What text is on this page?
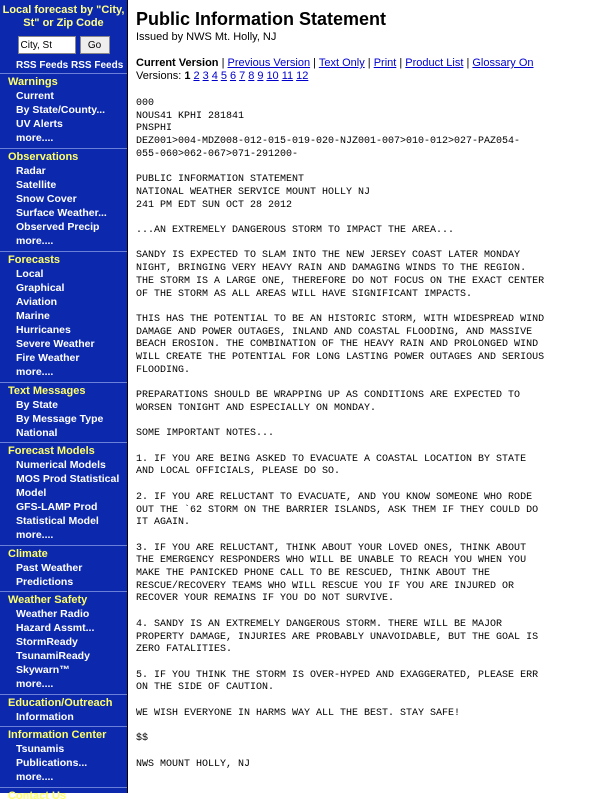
Local forecast by "City, St" or Zip Code
City, St
Go
RSS Feeds RSS Feeds
Warnings
Current
By State/County...
UV Alerts
more....
Observations
Radar
Satellite
Snow Cover
Surface Weather...
Observed Precip
more....
Forecasts
Local
Graphical
Aviation
Marine
Hurricanes
Severe Weather
Fire Weather
more....
Text Messages
By State
By Message Type
National
Forecast Models
Numerical Models
MOS Prod Statistical Model
GFS-LAMP Prod Statistical Model
more....
Climate
Past Weather
Predictions
Weather Safety
Weather Radio
Hazard Assmt...
StormReady
TsunamiReady
Skywarn™
more....
Education/Outreach
Information
Information Center
Tsunamis
Publications...
more....
Contact Us
Public Information Statement
Issued by NWS Mt. Holly, NJ
Current Version | Previous Version | Text Only | Print | Product List | Glossary On
Versions: 1 2 3 4 5 6 7 8 9 10 11 12
000
NOUS41 KPHI 281841
PNSPHI
DEZ001>004-MDZ008-012-015-019-020-NJZ001-007>010-012>027-PAZ054-
055-060>062-067>071-291200-

PUBLIC INFORMATION STATEMENT
NATIONAL WEATHER SERVICE MOUNT HOLLY NJ
241 PM EDT SUN OCT 28 2012

...AN EXTREMELY DANGEROUS STORM TO IMPACT THE AREA...

SANDY IS EXPECTED TO SLAM INTO THE NEW JERSEY COAST LATER MONDAY
NIGHT, BRINGING VERY HEAVY RAIN AND DAMAGING WINDS TO THE REGION.
THE STORM IS A LARGE ONE, THEREFORE DO NOT FOCUS ON THE EXACT CENTER
OF THE STORM AS ALL AREAS WILL HAVE SIGNIFICANT IMPACTS.

THIS HAS THE POTENTIAL TO BE AN HISTORIC STORM, WITH WIDESPREAD WIND
DAMAGE AND POWER OUTAGES, INLAND AND COASTAL FLOODING, AND MASSIVE
BEACH EROSION. THE COMBINATION OF THE HEAVY RAIN AND PROLONGED WIND
WILL CREATE THE POTENTIAL FOR LONG LASTING POWER OUTAGES AND SERIOUS
FLOODING.

PREPARATIONS SHOULD BE WRAPPING UP AS CONDITIONS ARE EXPECTED TO
WORSEN TONIGHT AND ESPECIALLY ON MONDAY.

SOME IMPORTANT NOTES...

1. IF YOU ARE BEING ASKED TO EVACUATE A COASTAL LOCATION BY STATE
AND LOCAL OFFICIALS, PLEASE DO SO.

2. IF YOU ARE RELUCTANT TO EVACUATE, AND YOU KNOW SOMEONE WHO RODE
OUT THE `62 STORM ON THE BARRIER ISLANDS, ASK THEM IF THEY COULD DO
IT AGAIN.

3. IF YOU ARE RELUCTANT, THINK ABOUT YOUR LOVED ONES, THINK ABOUT
THE EMERGENCY RESPONDERS WHO WILL BE UNABLE TO REACH YOU WHEN YOU
MAKE THE PANICKED PHONE CALL TO BE RESCUED, THINK ABOUT THE
RESCUE/RECOVERY TEAMS WHO WILL RESCUE YOU IF YOU ARE INJURED OR
RECOVER YOUR REMAINS IF YOU DO NOT SURVIVE.

4. SANDY IS AN EXTREMELY DANGEROUS STORM. THERE WILL BE MAJOR
PROPERTY DAMAGE, INJURIES ARE PROBABLY UNAVOIDABLE, BUT THE GOAL IS
ZERO FATALITIES.

5. IF YOU THINK THE STORM IS OVER-HYPED AND EXAGGERATED, PLEASE ERR
ON THE SIDE OF CAUTION.

WE WISH EVERYONE IN HARMS WAY ALL THE BEST. STAY SAFE!

$$

NWS MOUNT HOLLY, NJ
